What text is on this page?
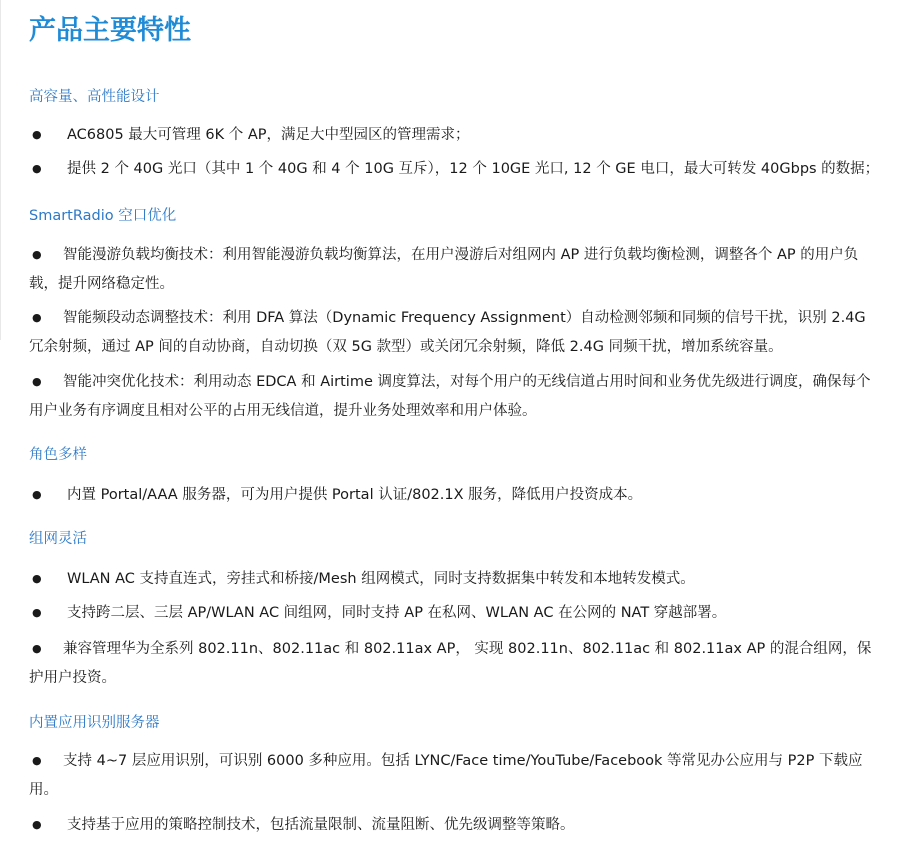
产品主要特性
高容量、高性能设计
● AC6805 最大可管理 6K 个 AP，满足大中型园区的管理需求；
● 提供 2 个 40G 光口（其中 1 个 40G 和 4 个 10G 互斥），12 个 10GE 光口, 12 个 GE 电口，最大可转发 40Gbps 的数据；
SmartRadio 空口优化
● 智能漫游负载均衡技术：利用智能漫游负载均衡算法，在用户漫游后对组网内 AP 进行负载均衡检测，调整各个 AP 的用户负载，提升网络稳定性。
● 智能频段动态调整技术：利用 DFA 算法（Dynamic Frequency Assignment）自动检测邻频和同频的信号干扰，识别 2.4G 冗余射频，通过 AP 间的自动协商，自动切换（双 5G 款型）或关闭冗余射频，降低 2.4G 同频干扰，增加系统容量。
● 智能冲突优化技术：利用动态 EDCA 和 Airtime 调度算法，对每个用户的无线信道占用时间和业务优先级进行调度，确保每个用户业务有序调度且相对公平的占用无线信道，提升业务处理效率和用户体验。
角色多样
● 内置 Portal/AAA 服务器，可为用户提供 Portal 认证/802.1X 服务，降低用户投资成本。
组网灵活
● WLAN AC 支持直连式，旁挂式和桥接/Mesh 组网模式，同时支持数据集中转发和本地转发模式。
● 支持跨二层、三层 AP/WLAN AC 间组网，同时支持 AP 在私网、WLAN AC 在公网的 NAT 穿越部署。
● 兼容管理华为全系列 802.11n、802.11ac 和 802.11ax AP， 实现 802.11n、802.11ac 和 802.11ax AP 的混合组网，保护用户投资。
内置应用识别服务器
● 支持 4~7 层应用识别，可识别 6000 多种应用。包括 LYNC/Face time/YouTube/Facebook 等常见办公应用与 P2P 下载应用。
● 支持基于应用的策略控制技术，包括流量限制、流量阻断、优先级调整等策略。
